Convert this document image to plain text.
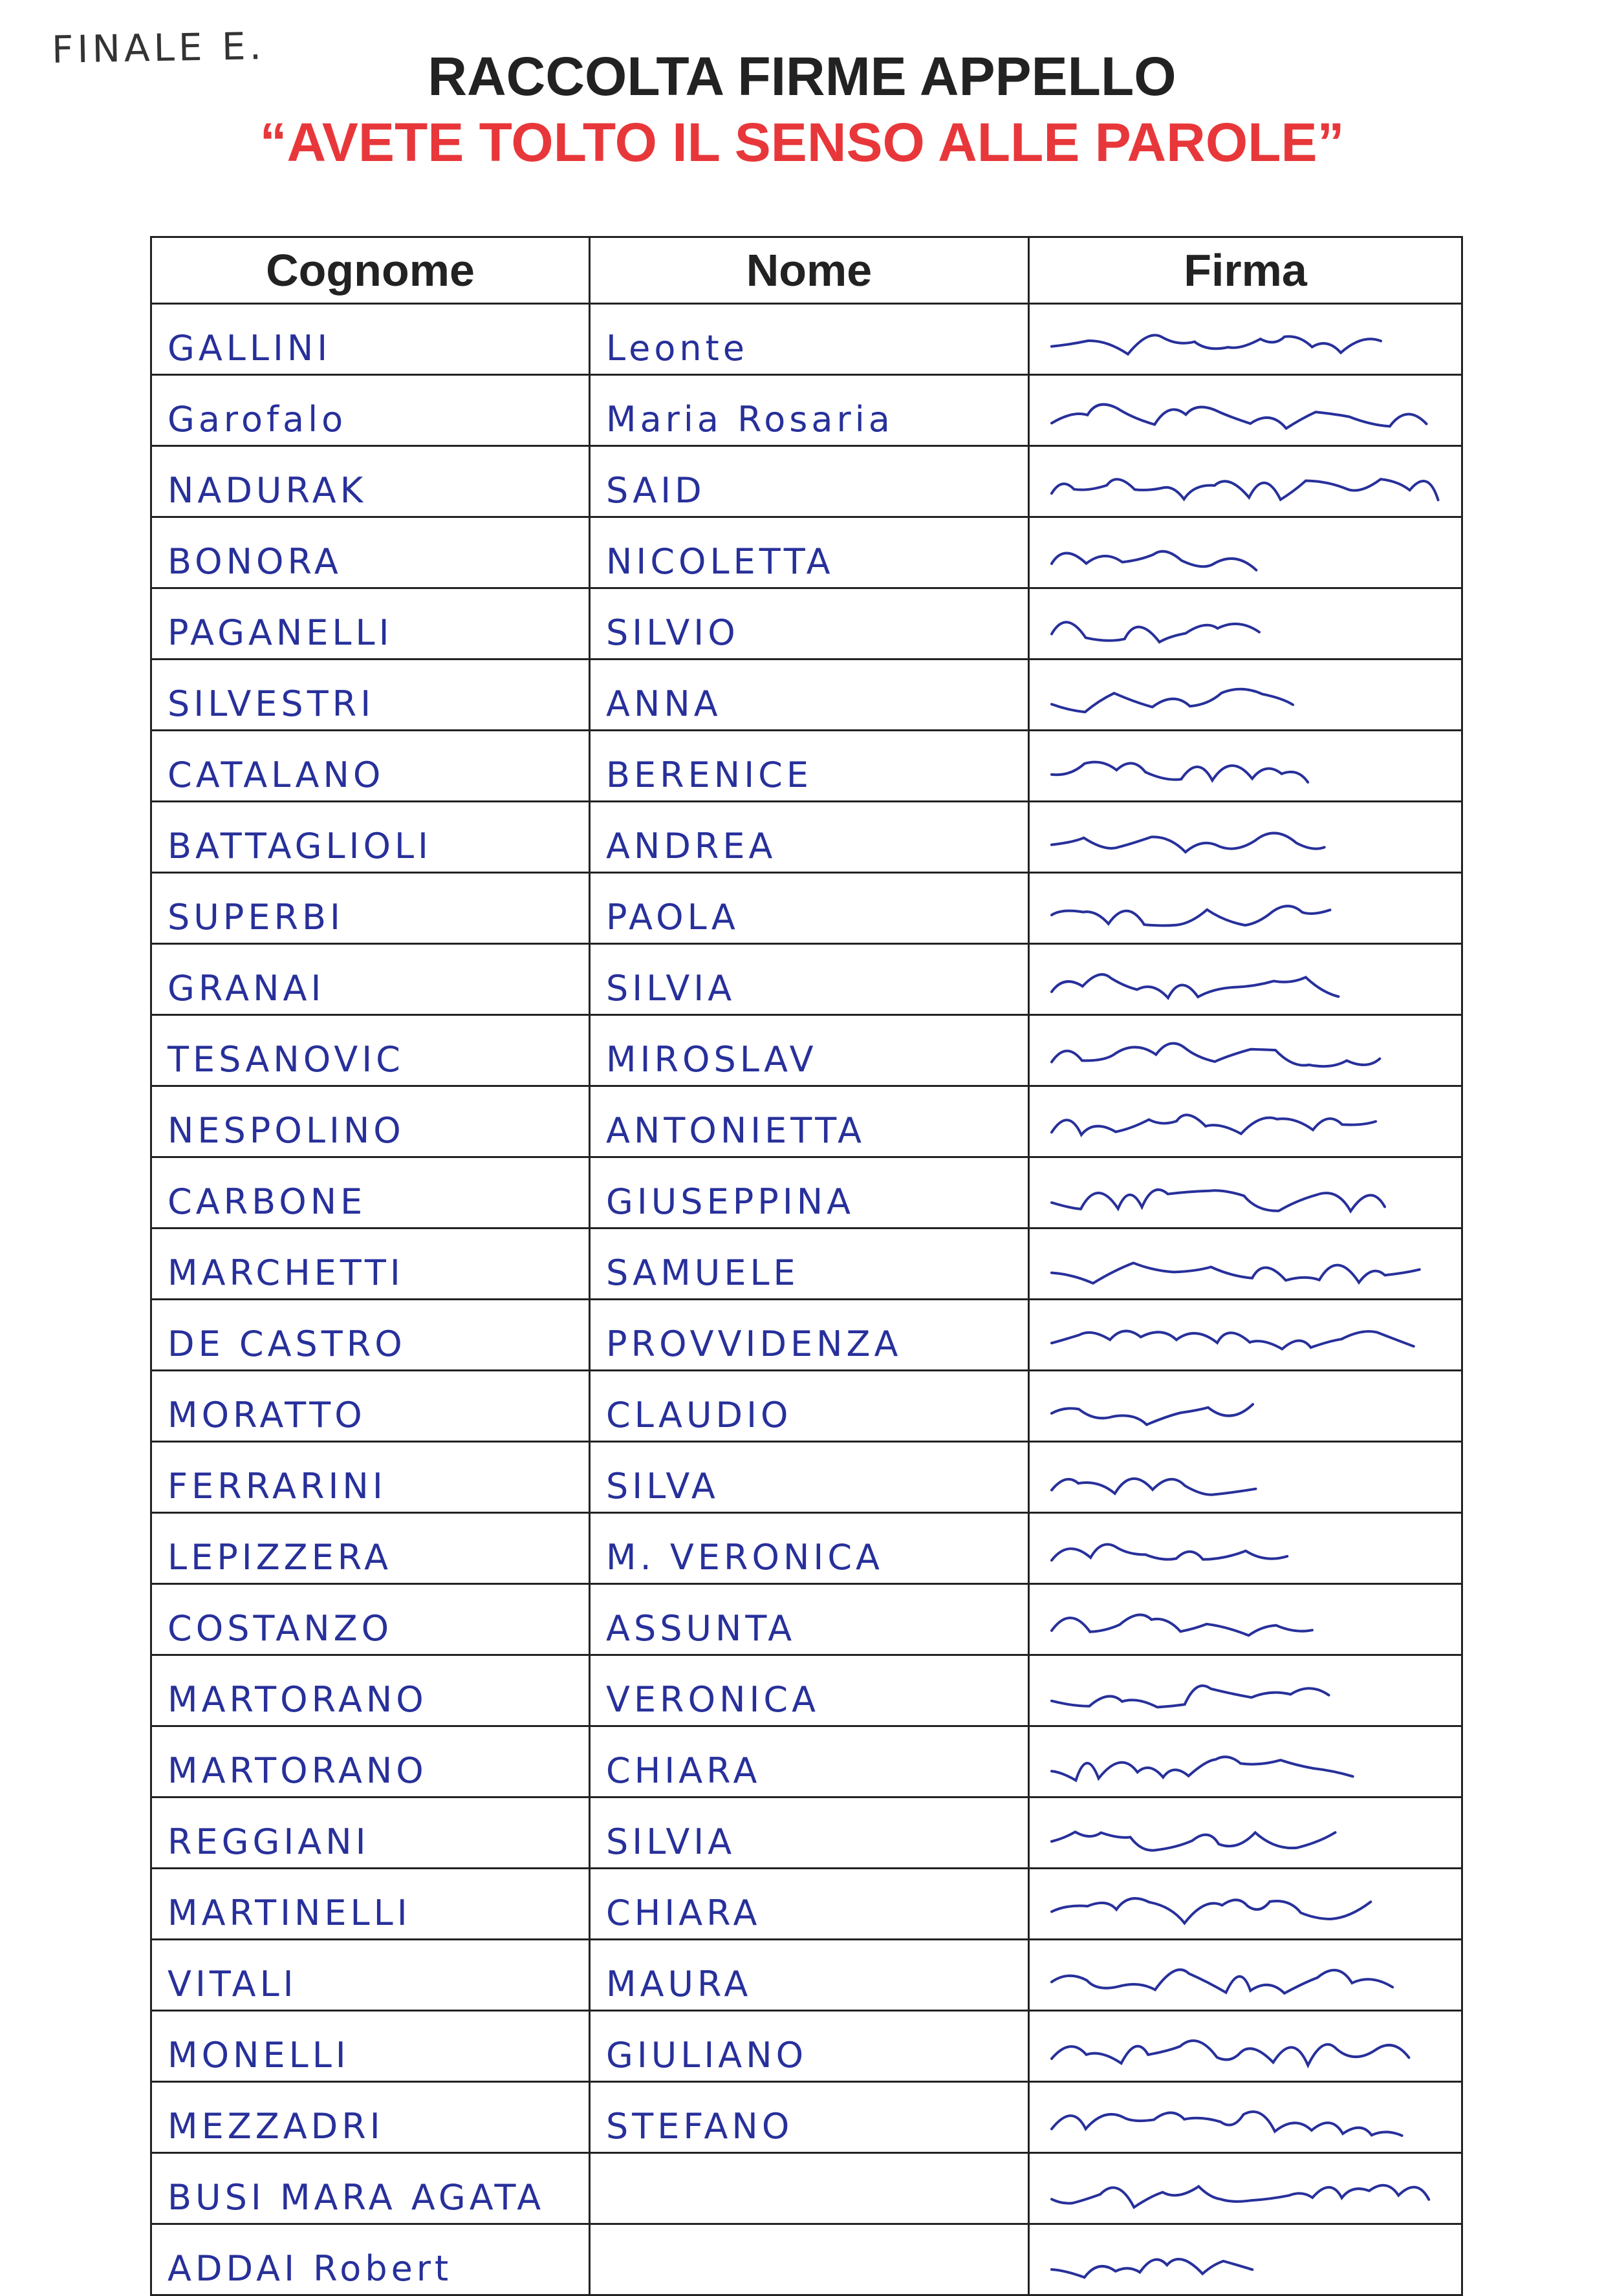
FINALE E.	RACCOLTA FIRME APPELLO
“AVETE TOLTO IL SENSO ALLE PAROLE”
Cognome	Nome	Firma
GALLINI	Leonte	

Garofalo	Maria Rosaria	

NADURAK	SAID	

BONORA	NICOLETTA	

PAGANELLI	SILVIO	

SILVESTRI	ANNA	

CATALANO	BERENICE	

BATTAGLIOLI	ANDREA	

SUPERBI	PAOLA	

GRANAI	SILVIA	

TESANOVIC	MIROSLAV	

NESPOLINO	ANTONIETTA	

CARBONE	GIUSEPPINA	

MARCHETTI	SAMUELE	

DE CASTRO	PROVVIDENZA	

MORATTO	CLAUDIO	

FERRARINI	SILVA	

LEPIZZERA	M. VERONICA	

COSTANZO	ASSUNTA	

MARTORANO	VERONICA	

MARTORANO	CHIARA	

REGGIANI	SILVIA	

MARTINELLI	CHIARA	

VITALI	MAURA	

MONELLI	GIULIANO	

MEZZADRI	STEFANO	

BUSI MARA AGATA		

ADDAI Robert		
